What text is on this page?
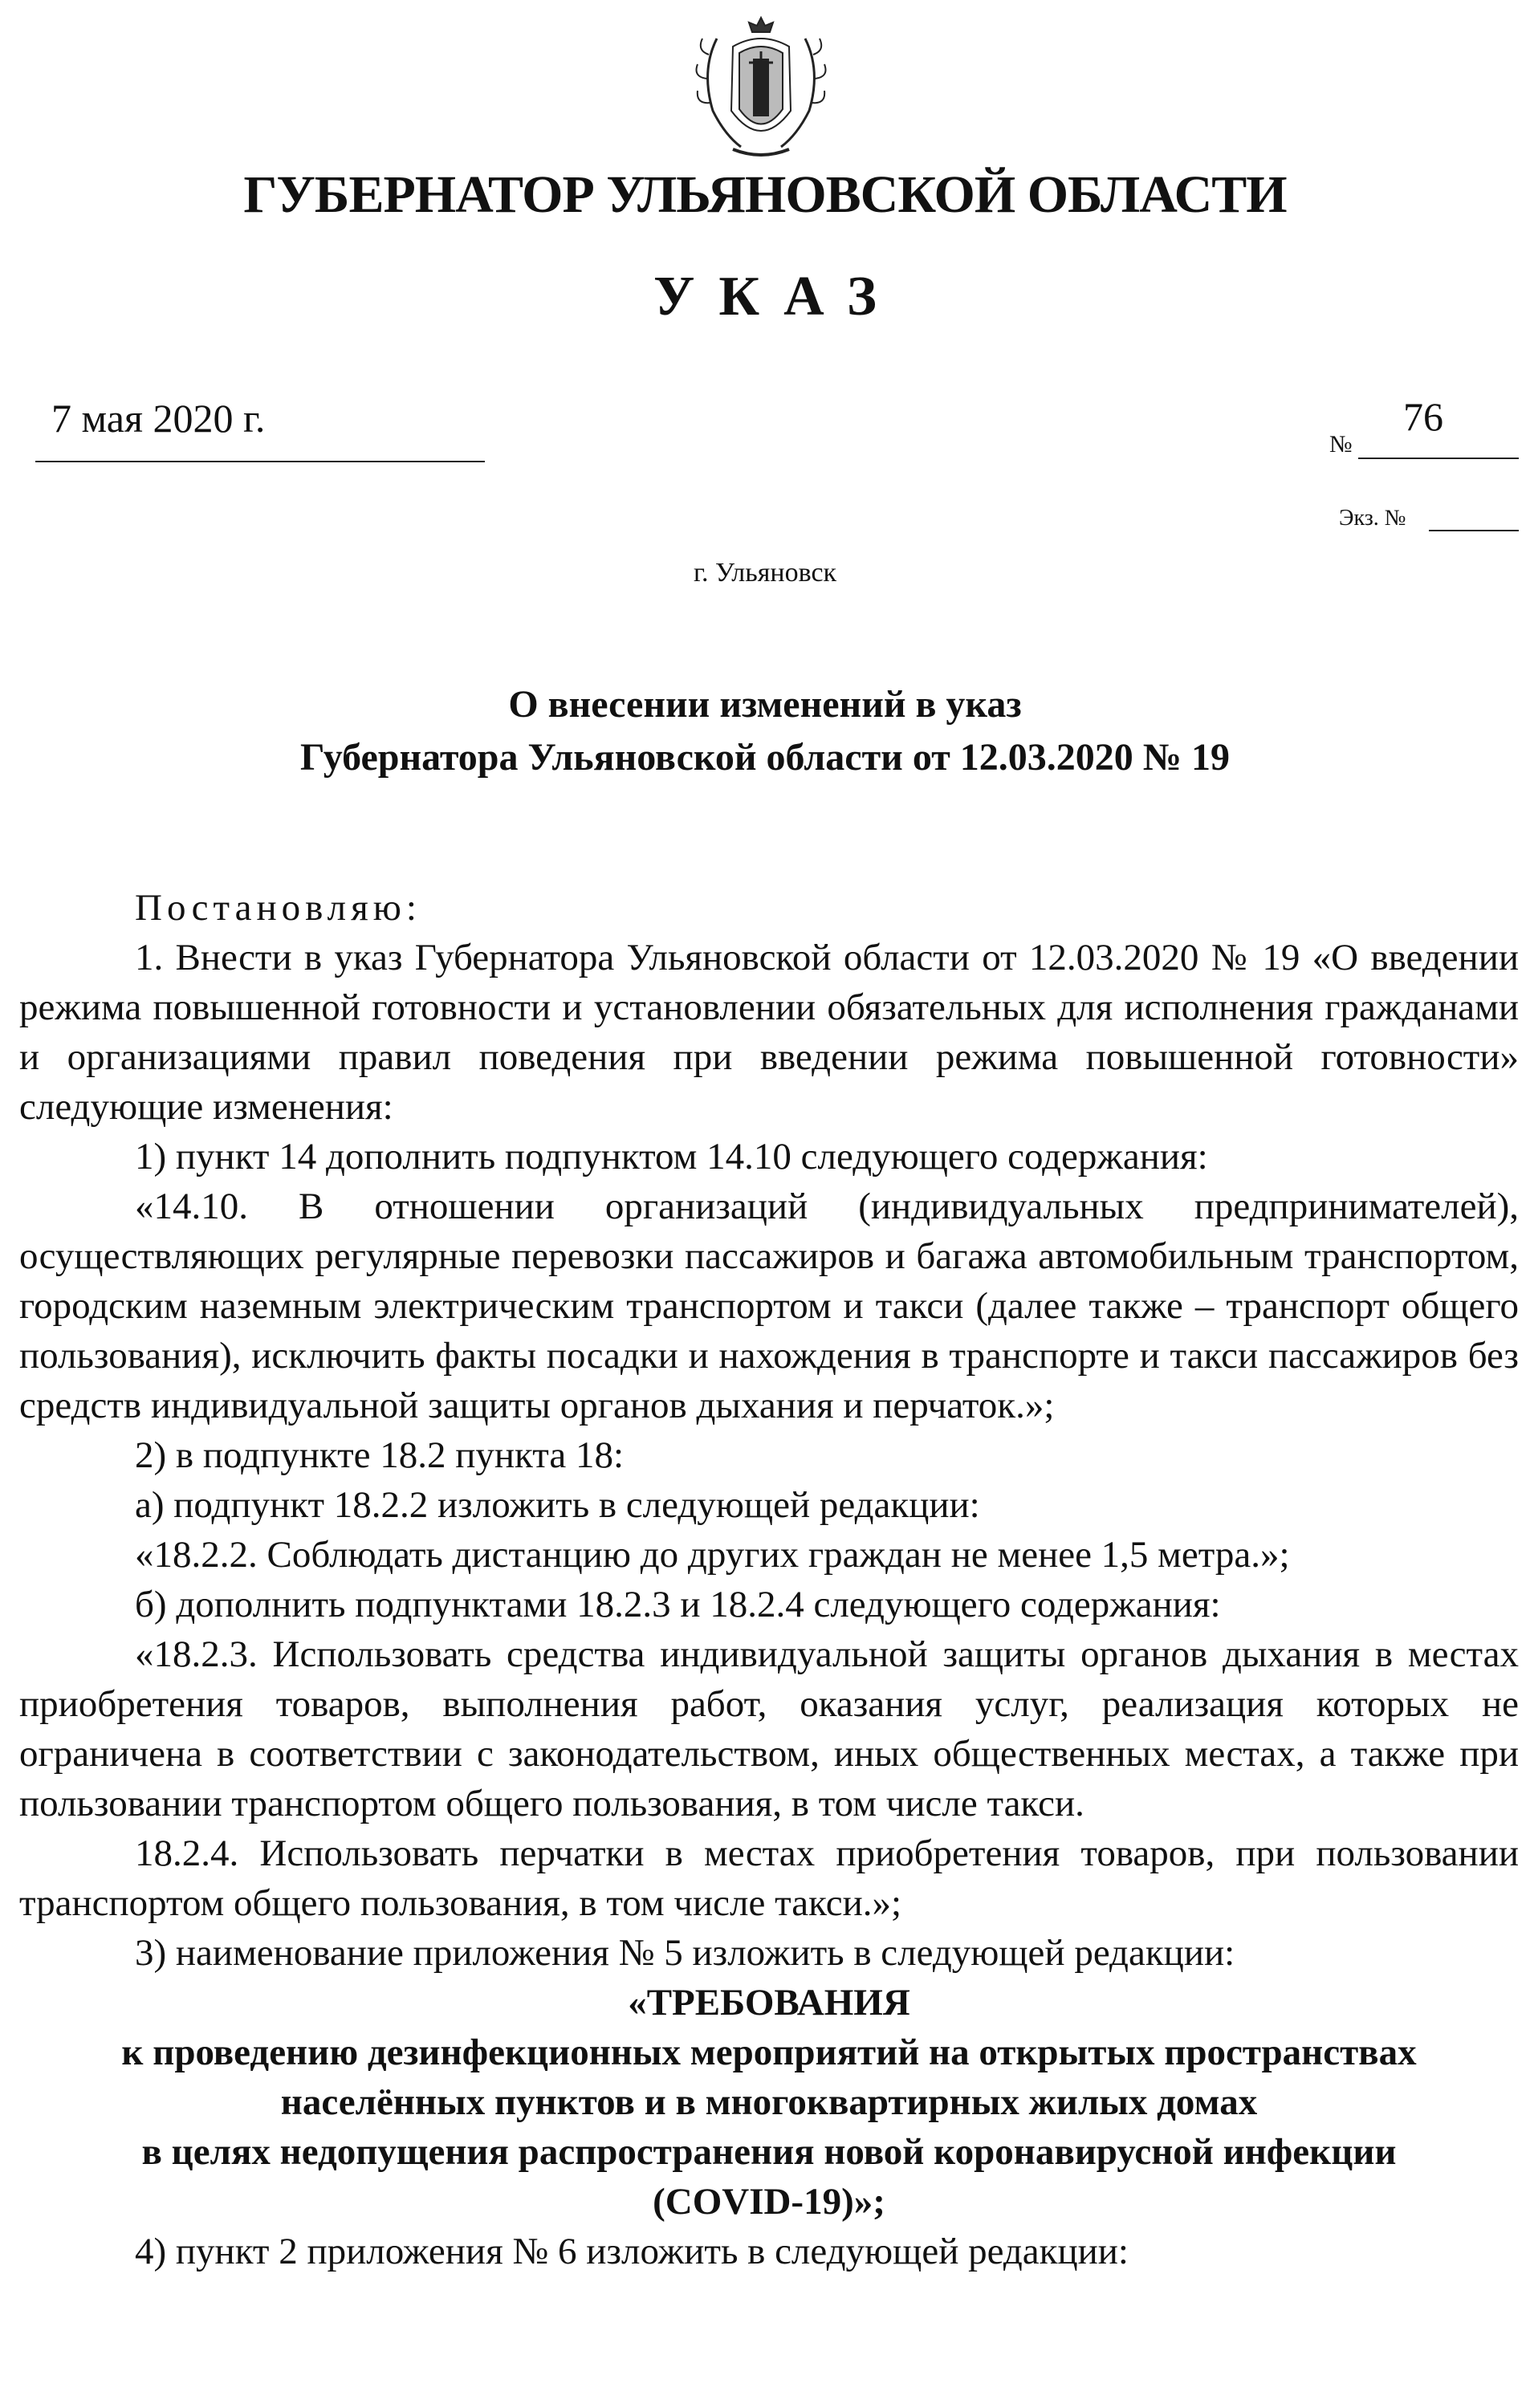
ГУБЕРНАТОР УЛЬЯНОВСКОЙ ОБЛАСТИ
УКАЗ
7 мая 2020 г.
№
76
Экз. №
г. Ульяновск
О внесении изменений в указ
Губернатора Ульяновской области от 12.03.2020 № 19

Постановляю:

1. Внести в указ Губернатора Ульяновской области от 12.03.2020 № 19 «О введении режима повышенной готовности и установлении обязательных для исполнения гражданами и организациями правил поведения при введении режима повышенной готовности» следующие изменения:

1) пункт 14 дополнить подпунктом 14.10 следующего содержания:

«14.10. В отношении организаций (индивидуальных предпринимателей), осуществляющих регулярные перевозки пассажиров и багажа автомобильным транспортом, городским наземным электрическим транспортом и такси (далее также – транспорт общего пользования), исключить факты посадки и нахождения в транспорте и такси пассажиров без средств индивидуальной защиты органов дыхания и перчаток.»;

2) в подпункте 18.2 пункта 18:

а) подпункт 18.2.2 изложить в следующей редакции:

«18.2.2. Соблюдать дистанцию до других граждан не менее 1,5 метра.»;

б) дополнить подпунктами 18.2.3 и 18.2.4 следующего содержания:

«18.2.3. Использовать средства индивидуальной защиты органов дыхания в местах приобретения товаров, выполнения работ, оказания услуг, реализация которых не ограничена в соответствии с законодательством, иных общественных местах, а также при пользовании транспортом общего пользования, в том числе такси.

18.2.4. Использовать перчатки в местах приобретения товаров, при пользовании транспортом общего пользования, в том числе такси.»;

3) наименование приложения № 5 изложить в следующей редакции:

«ТРЕБОВАНИЯ

к проведению дезинфекционных мероприятий на открытых пространствах

населённых пунктов и в многоквартирных жилых домах

в целях недопущения распространения новой коронавирусной инфекции

(COVID-19)»;

4) пункт 2 приложения № 6 изложить в следующей редакции:
